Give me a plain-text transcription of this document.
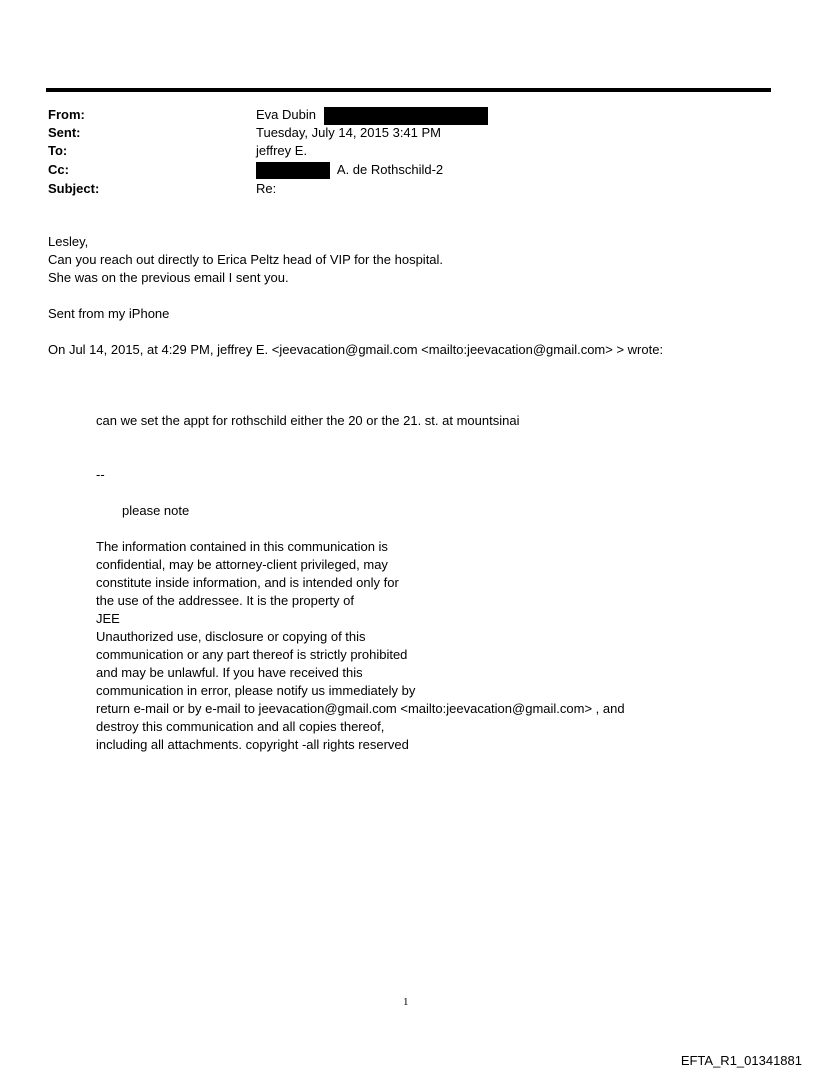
From:	Eva Dubin
Sent:	Tuesday, July 14, 2015 3:41 PM
To:	jeffrey E.
Cc:	A. de Rothschild-2
Subject:	Re:
Lesley,
Can you reach out directly to Erica Peltz head of VIP for the hospital.
She was on the previous email I sent you.
Sent from my iPhone
On Jul 14, 2015, at 4:29 PM, jeffrey E. <jeevacation@gmail.com <mailto:jeevacation@gmail.com> > wrote:
can we set the appt for rothschild either the 20 or the 21. st. at mountsinai
--
please note
The information contained in this communication is
confidential, may be attorney-client privileged, may
constitute inside information, and is intended only for
the use of the addressee. It is the property of
JEE
Unauthorized use, disclosure or copying of this
communication or any part thereof is strictly prohibited
and may be unlawful. If you have received this
communication in error, please notify us immediately by
return e-mail or by e-mail to jeevacation@gmail.com <mailto:jeevacation@gmail.com> , and
destroy this communication and all copies thereof,
including all attachments. copyright -all rights reserved
1
EFTA_R1_01341881
